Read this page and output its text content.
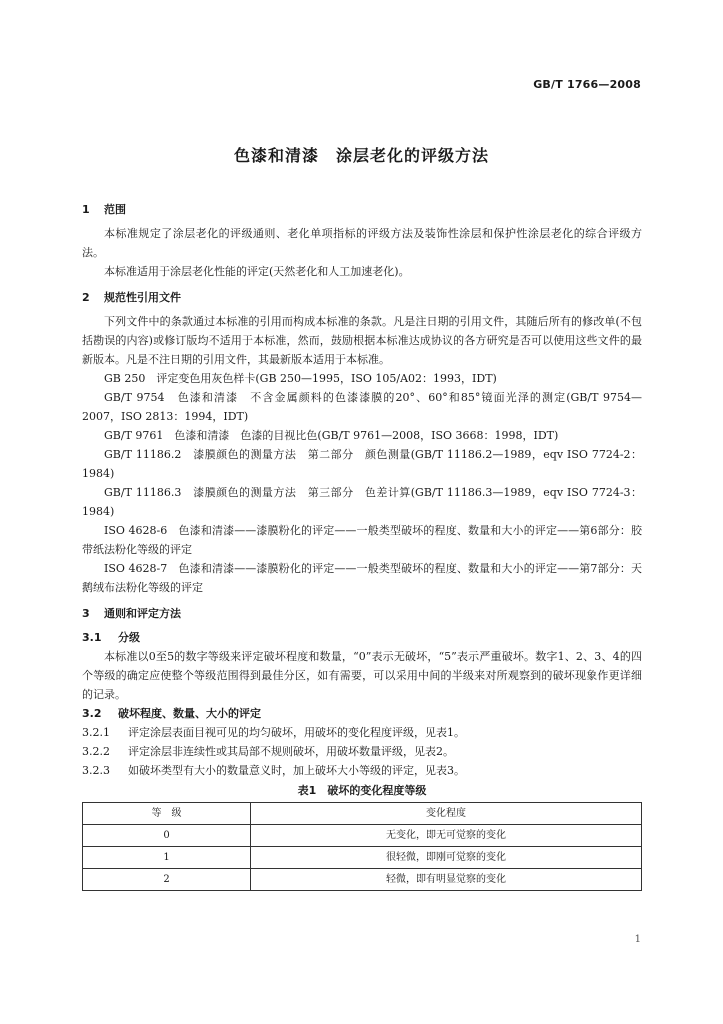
GB/T 1766—2008
色漆和清漆　涂层老化的评级方法
1 范围
本标准规定了涂层老化的评级通则、老化单项指标的评级方法及装饰性涂层和保护性涂层老化的综合评级方法。
本标准适用于涂层老化性能的评定(天然老化和人工加速老化)。
2 规范性引用文件
下列文件中的条款通过本标准的引用而构成本标准的条款。凡是注日期的引用文件，其随后所有的修改单(不包括勘误的内容)或修订版均不适用于本标准，然而，鼓励根据本标准达成协议的各方研究是否可以使用这些文件的最新版本。凡是不注日期的引用文件，其最新版本适用于本标准。
GB 250　评定变色用灰色样卡(GB 250—1995，ISO 105/A02：1993，IDT)
GB/T 9754　色漆和清漆　不含金属颜料的色漆漆膜的20°、60°和85°镜面光泽的测定(GB/T 9754—2007，ISO 2813：1994，IDT)
GB/T 9761　色漆和清漆　色漆的目视比色(GB/T 9761—2008，ISO 3668：1998，IDT)
GB/T 11186.2　漆膜颜色的测量方法　第二部分　颜色测量(GB/T 11186.2—1989，eqv ISO 7724-2：1984)
GB/T 11186.3　漆膜颜色的测量方法　第三部分　色差计算(GB/T 11186.3—1989，eqv ISO 7724-3：1984)
ISO 4628-6　色漆和清漆——漆膜粉化的评定——一般类型破坏的程度、数量和大小的评定——第6部分：胶带纸法粉化等级的评定
ISO 4628-7　色漆和清漆——漆膜粉化的评定——一般类型破坏的程度、数量和大小的评定——第7部分：天鹅绒布法粉化等级的评定
3 通则和评定方法
3.1 分级
本标准以0至5的数字等级来评定破坏程度和数量，“0”表示无破坏，“5”表示严重破坏。数字1、2、3、4的四个等级的确定应使整个等级范围得到最佳分区，如有需要，可以采用中间的半级来对所观察到的破坏现象作更详细的记录。
3.2 破坏程度、数量、大小的评定
3.2.1 评定涂层表面目视可见的均匀破坏，用破坏的变化程度评级，见表1。
3.2.2 评定涂层非连续性或其局部不规则破坏，用破坏数量评级，见表2。
3.2.3 如破坏类型有大小的数量意义时，加上破坏大小等级的评定，见表3。
表1　破坏的变化程度等级
等　级	变化程度
0	无变化，即无可觉察的变化
1	很轻微，即刚可觉察的变化
2	轻微，即有明显觉察的变化
1
